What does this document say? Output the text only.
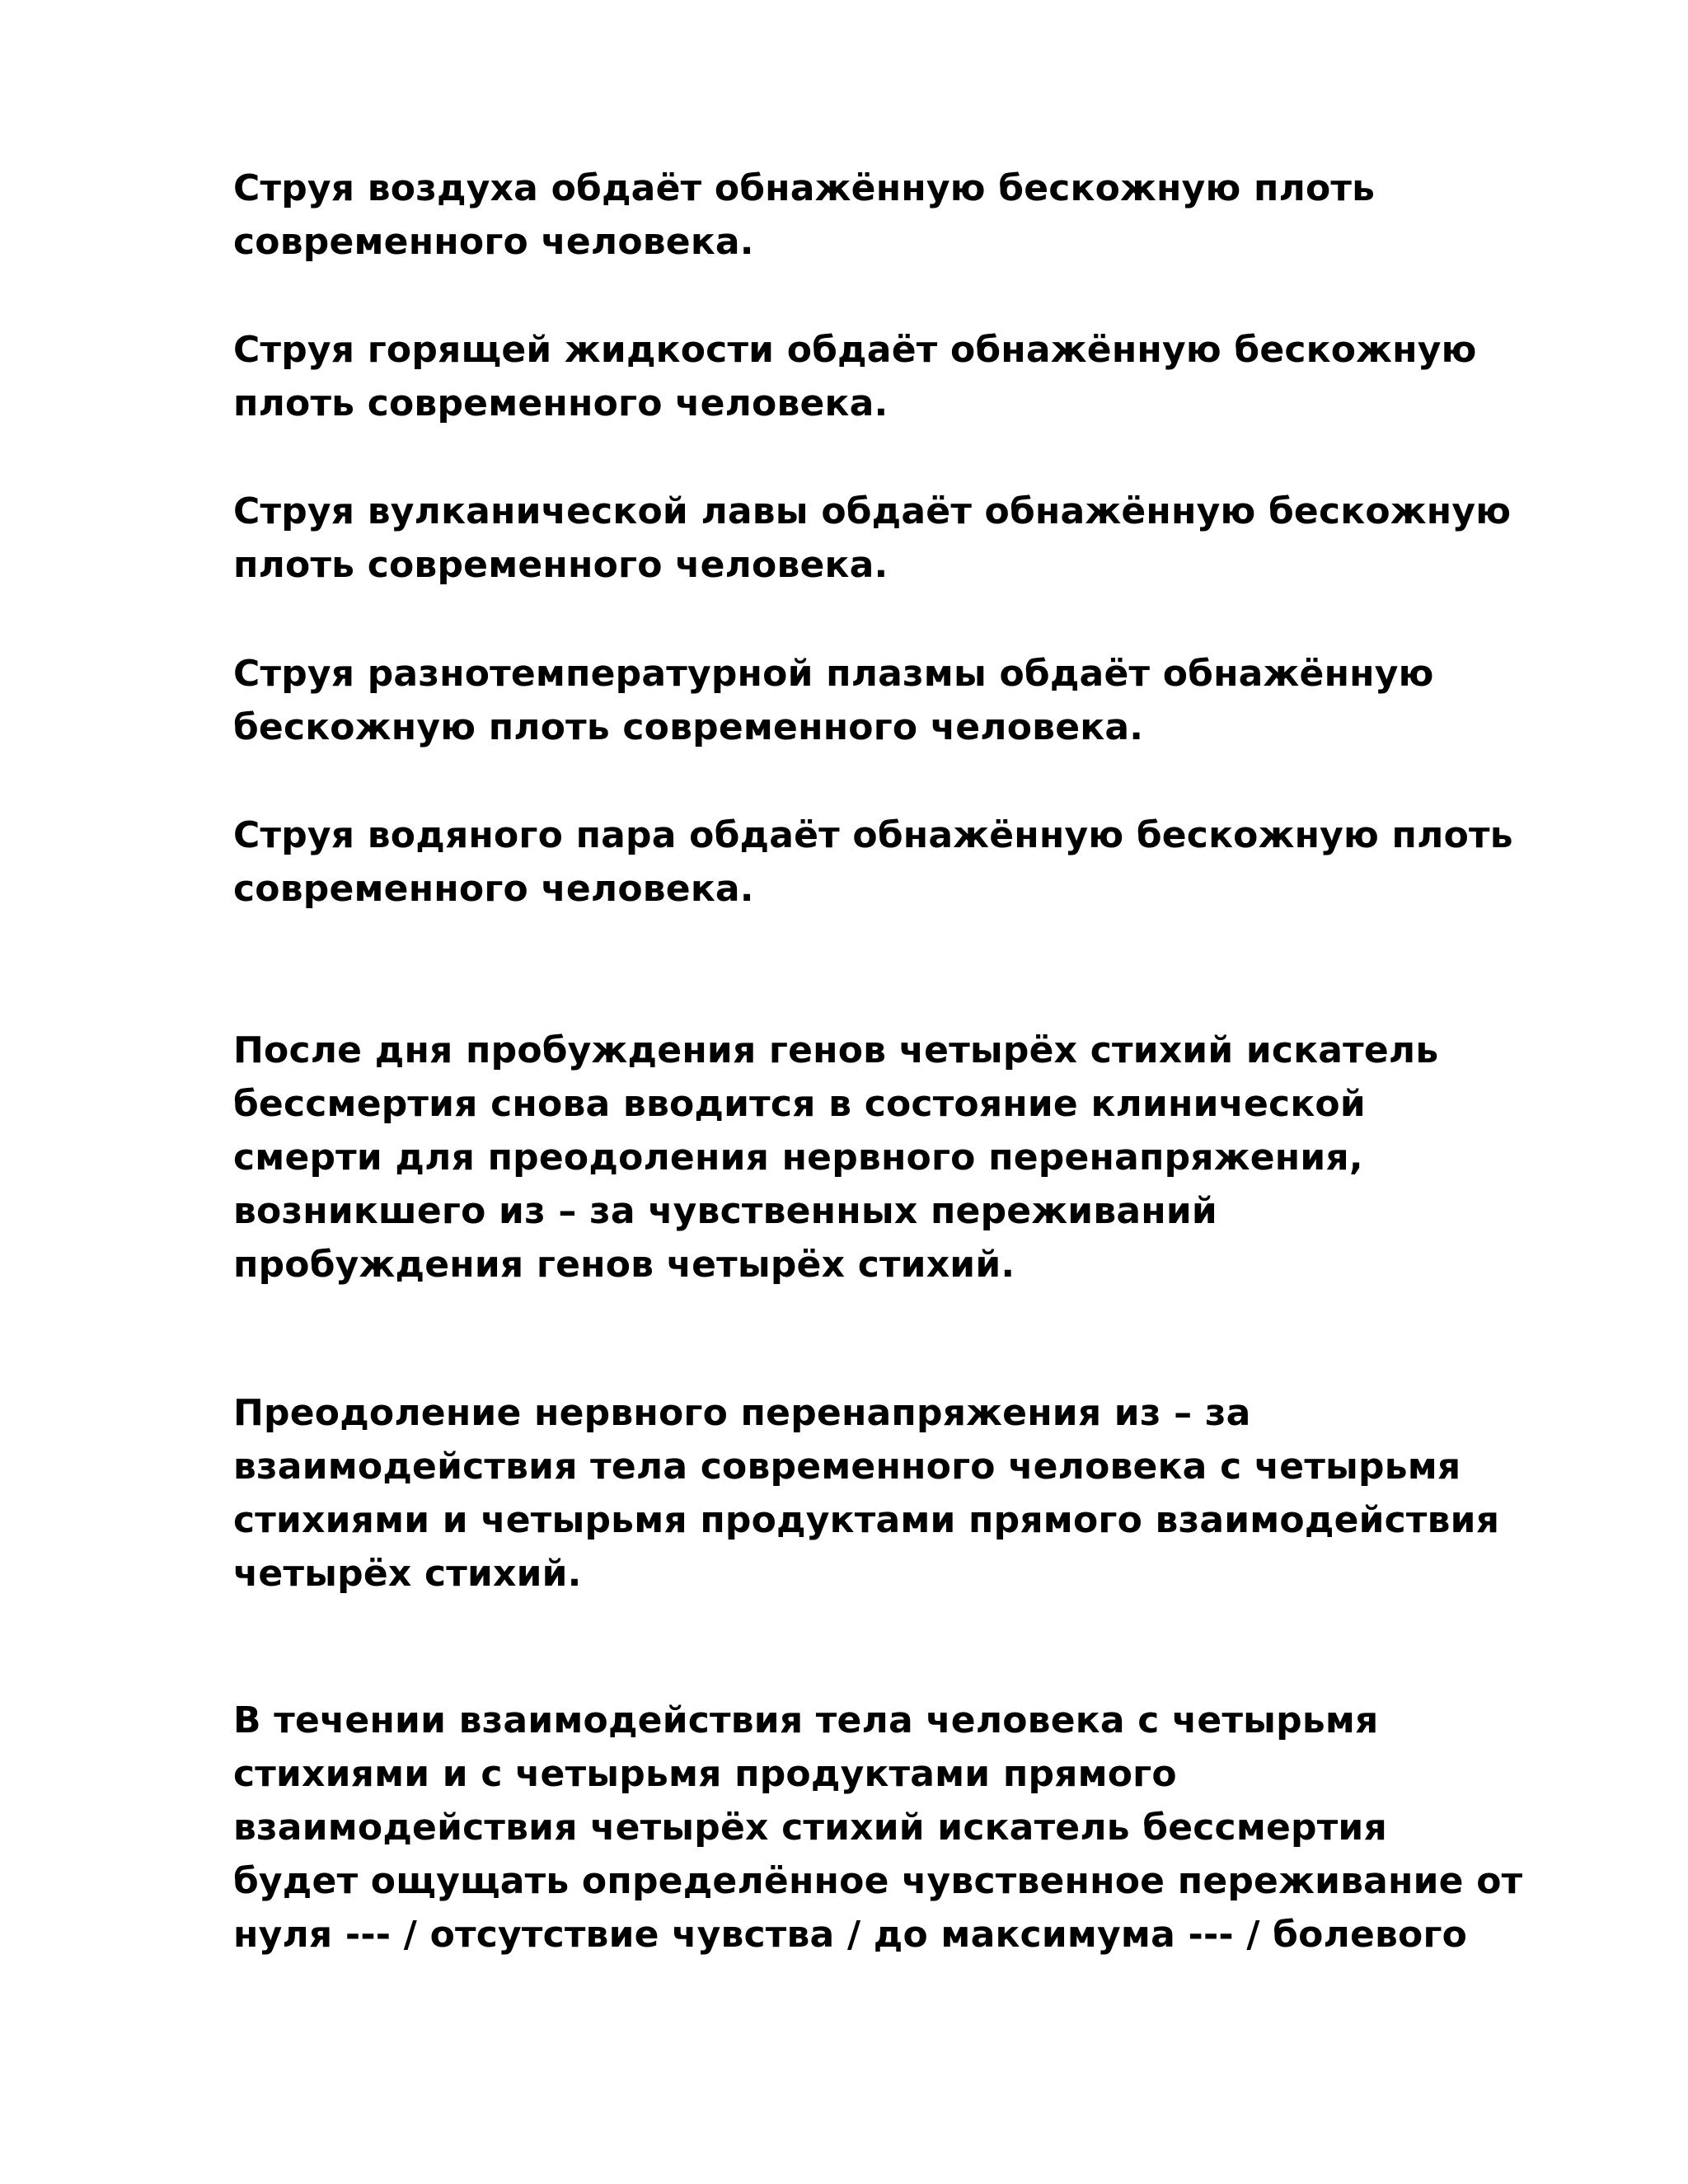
Струя воздуха обдаёт обнажённую бескожную плоть
современного человека.
Струя горящей жидкости обдаёт обнажённую бескожную
плоть современного человека.
Струя вулканической лавы обдаёт обнажённую бескожную
плоть современного человека.
Струя разнотемпературной плазмы обдаёт обнажённую
бескожную плоть современного человека.
Струя водяного пара обдаёт обнажённую бескожную плоть
современного человека.
После дня пробуждения генов четырёх стихий искатель
бессмертия снова вводится в состояние клинической
смерти для преодоления нервного перенапряжения,
возникшего из – за чувственных переживаний
пробуждения генов четырёх стихий.
Преодоление нервного перенапряжения из – за
взаимодействия тела современного человека с четырьмя
стихиями и четырьмя продуктами прямого взаимодействия
четырёх стихий.
В течении взаимодействия тела человека с четырьмя
стихиями и с четырьмя продуктами прямого
взаимодействия четырёх стихий искатель бессмертия
будет ощущать определённое чувственное переживание от
нуля --- / отсутствие чувства / до максимума --- / болевого
